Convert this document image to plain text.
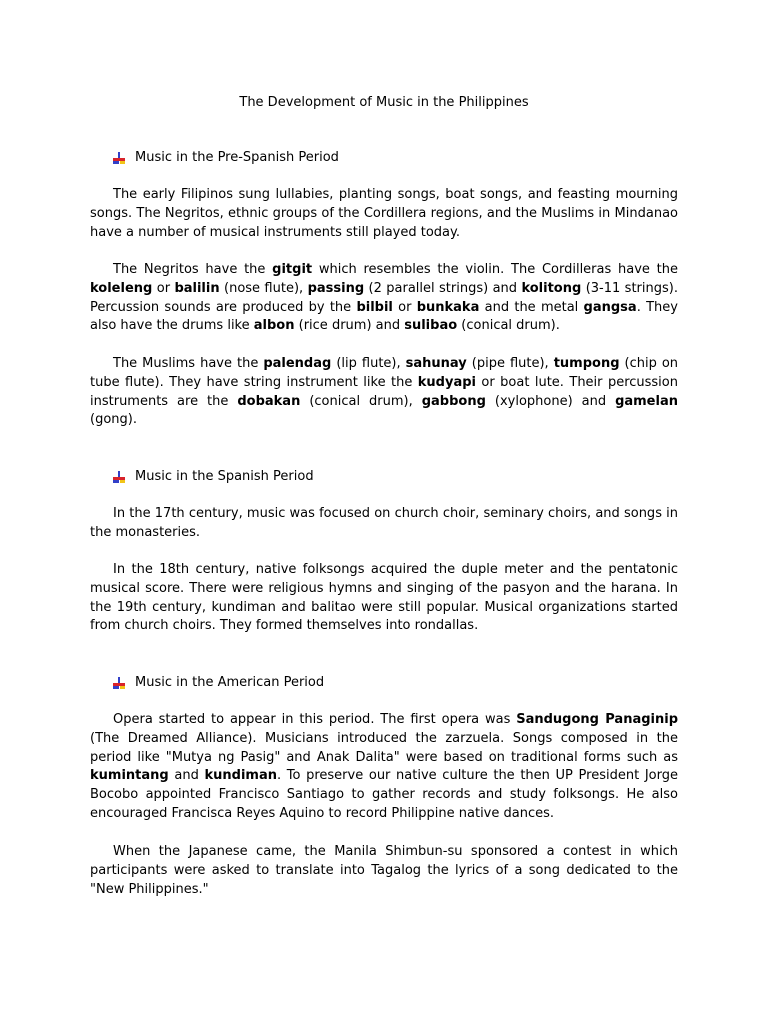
The Development of Music in the Philippines
Music in the Pre-Spanish Period

The early Filipinos sung lullabies, planting songs, boat songs, and feasting mourning songs. The Negritos, ethnic groups of the Cordillera regions, and the Muslims in Mindanao have a number of musical instruments still played today.

The Negritos have the gitgit which resembles the violin. The Cordilleras have the koleleng or balilin (nose flute), passing (2 parallel strings) and kolitong (3-11 strings). Percussion sounds are produced by the bilbil or bunkaka and the metal gangsa. They also have the drums like albon (rice drum) and sulibao (conical drum).

The Muslims have the palendag (lip flute), sahunay (pipe flute), tumpong (chip on tube flute). They have string instrument like the kudyapi or boat lute. Their percussion instruments are the dobakan (conical drum), gabbong (xylophone) and gamelan (gong).

Music in the Spanish Period

In the 17th century, music was focused on church choir, seminary choirs, and songs in the monasteries.

In the 18th century, native folksongs acquired the duple meter and the pentatonic musical score. There were religious hymns and singing of the pasyon and the harana. In the 19th century, kundiman and balitao were still popular. Musical organizations started from church choirs. They formed themselves into rondallas.

Music in the American Period

Opera started to appear in this period. The first opera was Sandugong Panaginip (The Dreamed Alliance). Musicians introduced the zarzuela. Songs composed in the period like "Mutya ng Pasig" and Anak Dalita" were based on traditional forms such as kumintang and kundiman. To preserve our native culture the then UP President Jorge Bocobo appointed Francisco Santiago to gather records and study folksongs. He also encouraged Francisca Reyes Aquino to record Philippine native dances.

When the Japanese came, the Manila Shimbun-su sponsored a contest in which participants were asked to translate into Tagalog the lyrics of a song dedicated to the "New Philippines."
